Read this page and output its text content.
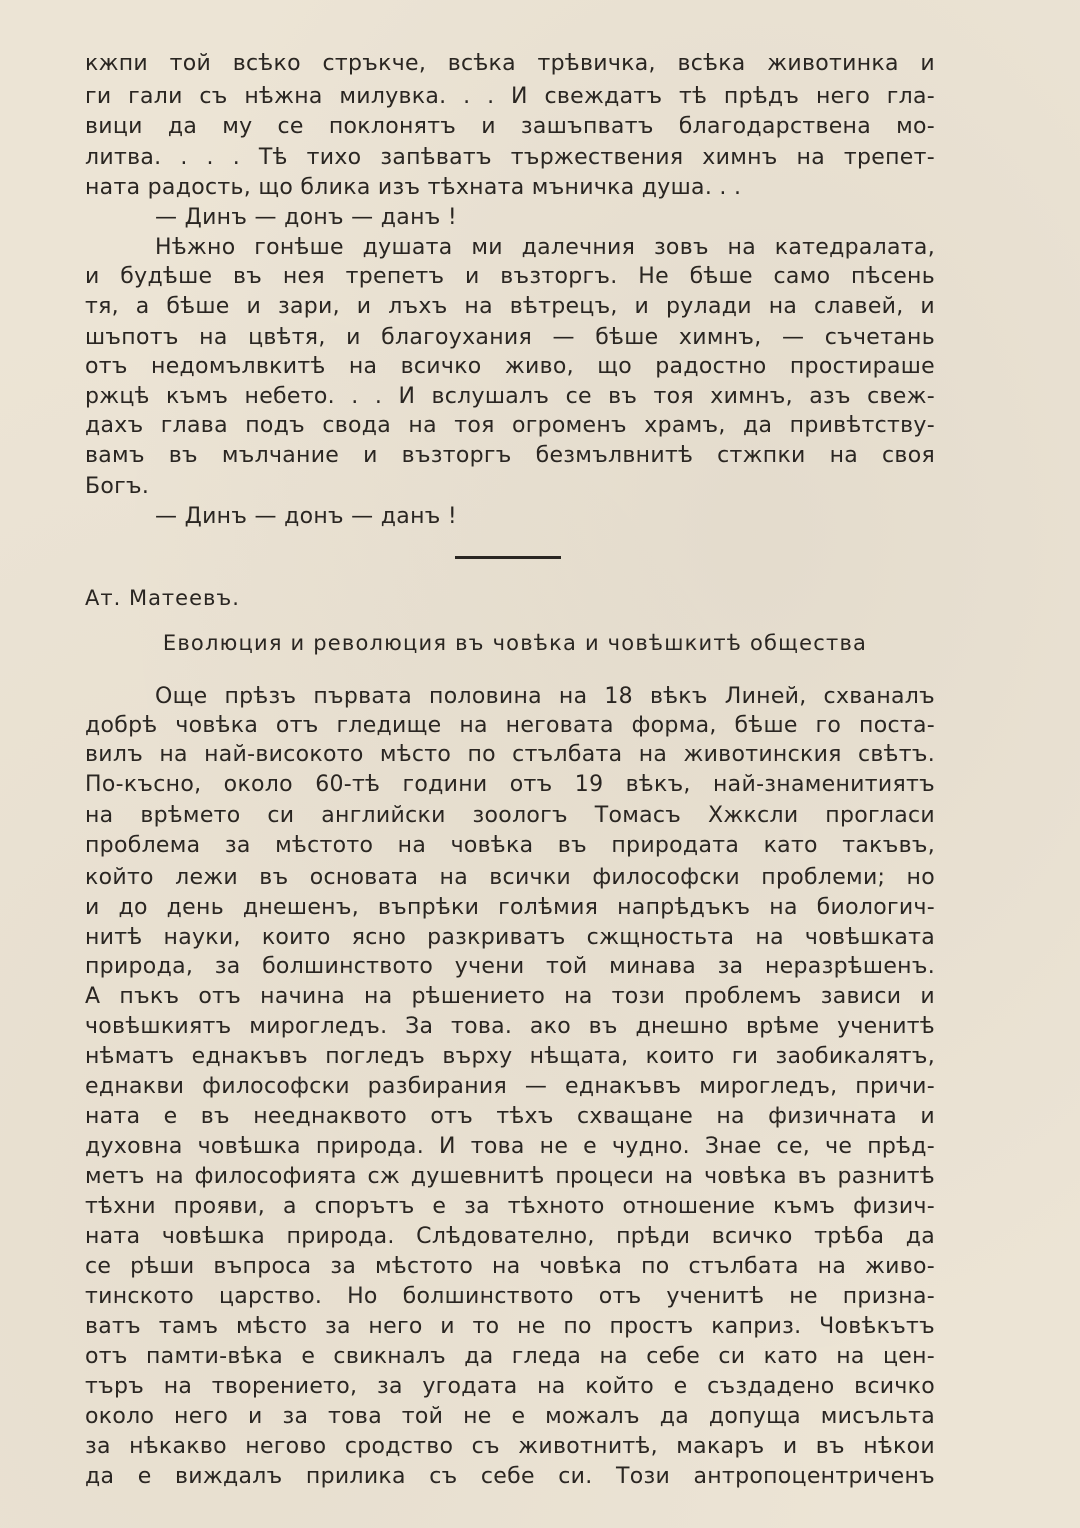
кжпи той всѣко стръкче, всѣка трѣвичка, всѣка животинка и

ги гали съ нѣжна милувка. . . И свеждатъ тѣ прѣдъ него гла-

вици да му се поклонятъ и зашъпватъ благодарствена мо-

литва. . . . Тѣ тихо запѣватъ тържествения химнъ на трепет-

ната радость, що блика изъ тѣхната мъничка душа. . .

— Динъ — донъ — данъ !

Нѣжно гонѣше душата ми далечния зовъ на катедралата,

и будѣше въ нея трепетъ и възторгъ. Не бѣше само пѣсень

тя, а бѣше и зари, и лъхъ на вѣтрецъ, и рулади на славей, и

шъпотъ на цвѣтя, и благоухания — бѣше химнъ, — съчетань

отъ недомълвкитѣ на всичко живо, що радостно простираше

ржцѣ къмъ небето. . . И вслушалъ се въ тоя химнъ, азъ свеж-

дахъ глава подъ свода на тоя огроменъ храмъ, да привѣтству-

вамъ въ мълчание и възторгъ безмълвнитѣ стжпки на своя

Богъ.

— Динъ — донъ — данъ !

Ат. Матеевъ.

Еволюция и революция въ човѣка и човѣшкитѣ общества

Още прѣзъ първата половина на 18 вѣкъ Линей, схваналъ

добрѣ човѣка отъ гледище на неговата форма, бѣше го поста-

вилъ на най-високото мѣсто по стълбата на животинския свѣтъ.

По-късно, около 60-тѣ години отъ 19 вѣкъ, най-знаменитиятъ

на врѣмето си английски зоологъ Томасъ Хжксли прогласи

проблема за мѣстото на човѣка въ природата като такъвъ,

който лежи въ основата на всички философски проблеми; но

и до день днешенъ, въпрѣки голѣмия напрѣдъкъ на биологич-

нитѣ науки, които ясно разкриватъ сжщностьта на човѣшката

природа, за болшинството учени той минава за неразрѣшенъ.

А пъкъ отъ начина на рѣшението на този проблемъ зависи и

човѣшкиятъ мирогледъ. За това. ако въ днешно врѣме ученитѣ

нѣматъ еднакъвъ погледъ върху нѣщата, които ги заобикалятъ,

еднакви философски разбирания — еднакъвъ мирогледъ, причи-

ната е въ нееднаквото отъ тѣхъ схващане на физичната и

духовна човѣшка природа. И това не е чудно. Знае се, че прѣд-

метъ на философията сж душевнитѣ процеси на човѣка въ разнитѣ

тѣхни прояви, а спорътъ е за тѣхното отношение къмъ физич-

ната човѣшка природа. Слѣдователно, прѣди всичко трѣба да

се рѣши въпроса за мѣстото на човѣка по стълбата на живо-

тинското царство. Но болшинството отъ ученитѣ не призна-

ватъ тамъ мѣсто за него и то не по простъ каприз. Човѣкътъ

отъ памти-вѣка е свикналъ да гледа на себе си като на цен-

търъ на творението, за угодата на който е създадено всичко

около него и за това той не е можалъ да допуща мисъльта

за нѣкакво негово сродство съ животнитѣ, макаръ и въ нѣкои

да е виждалъ прилика съ себе си. Този антропоцентриченъ
